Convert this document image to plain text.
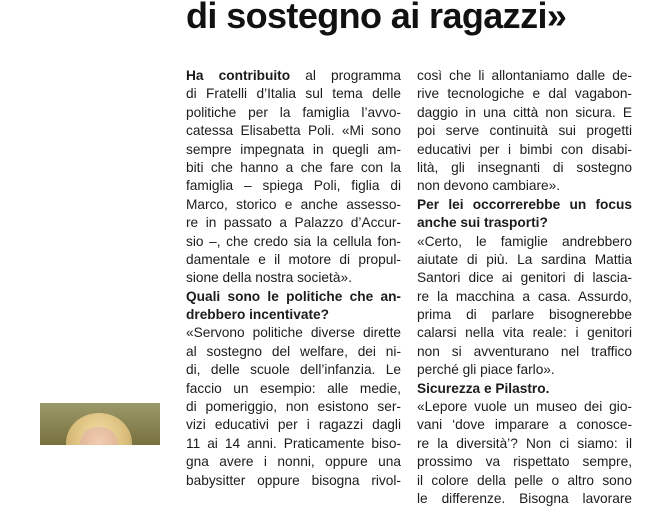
di sostegno ai ragazzi»
Ha contribuito al programma
di Fratelli d’Italia sul tema delle
politiche per la famiglia l’avvo-
catessa Elisabetta Poli. «Mi sono
sempre impegnata in quegli am-
biti che hanno a che fare con la
famiglia – spiega Poli, figlia di
Marco, storico e anche assesso-
re in passato a Palazzo d’Accur-
sio –, che credo sia la cellula fon-
damentale e il motore di propul-
sione della nostra società».
Quali sono le politiche che an-
drebbero incentivate?
«Servono politiche diverse dirette
al sostegno del welfare, dei ni-
di, delle scuole dell’infanzia. Le
faccio un esempio: alle medie,
di pomeriggio, non esistono ser-
vizi educativi per i ragazzi dagli
11 ai 14 anni. Praticamente biso-
gna avere i nonni, oppure una
babysitter oppure bisogna rivol-
così che li allontaniamo dalle de-
rive tecnologiche e dal vagabon-
daggio in una città non sicura. E
poi serve continuità sui progetti
educativi per i bimbi con disabi-
lità, gli insegnanti di sostegno
non devono cambiare».
Per lei occorrerebbe un focus
anche sui trasporti?
«Certo, le famiglie andrebbero
aiutate di più. La sardina Mattia
Santori dice ai genitori di lascia-
re la macchina a casa. Assurdo,
prima di parlare bisognerebbe
calarsi nella vita reale: i genitori
non si avventurano nel traffico
perché gli piace farlo».
Sicurezza e Pilastro.
«Lepore vuole un museo dei gio-
vani ‘dove imparare a conosce-
re la diversità’? Non ci siamo: il
prossimo va rispettato sempre,
il colore della pelle o altro sono
le differenze. Bisogna lavorare
